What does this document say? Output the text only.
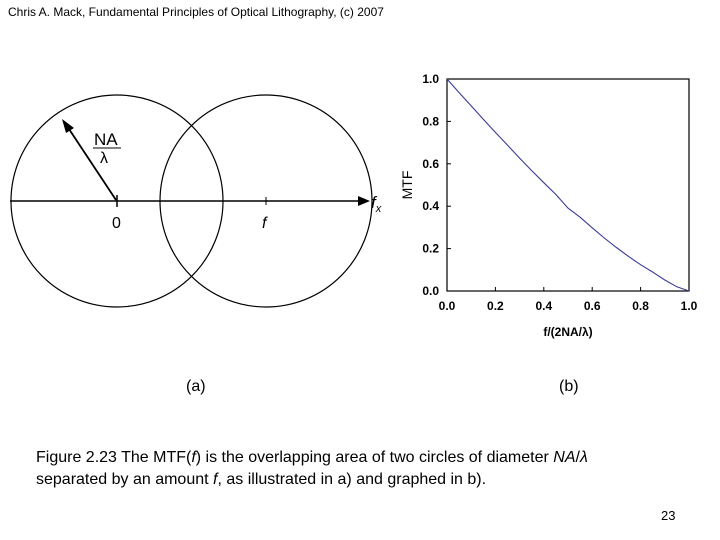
Chris A. Mack, Fundamental Principles of Optical Lithography, (c) 2007
NA
λ
0	f
$f_x$
0.0	0.2	0.4	0.6	0.8	1.0
0.0
0.2
0.4
0.6
0.8
1.0
f/(2NA/λ)
MTF
(a)	(b)
Figure 2.23 The MTF(f) is the overlapping area of two circles of diameter NA/λ
separated by an amount f, as illustrated in a) and graphed in b).
23
